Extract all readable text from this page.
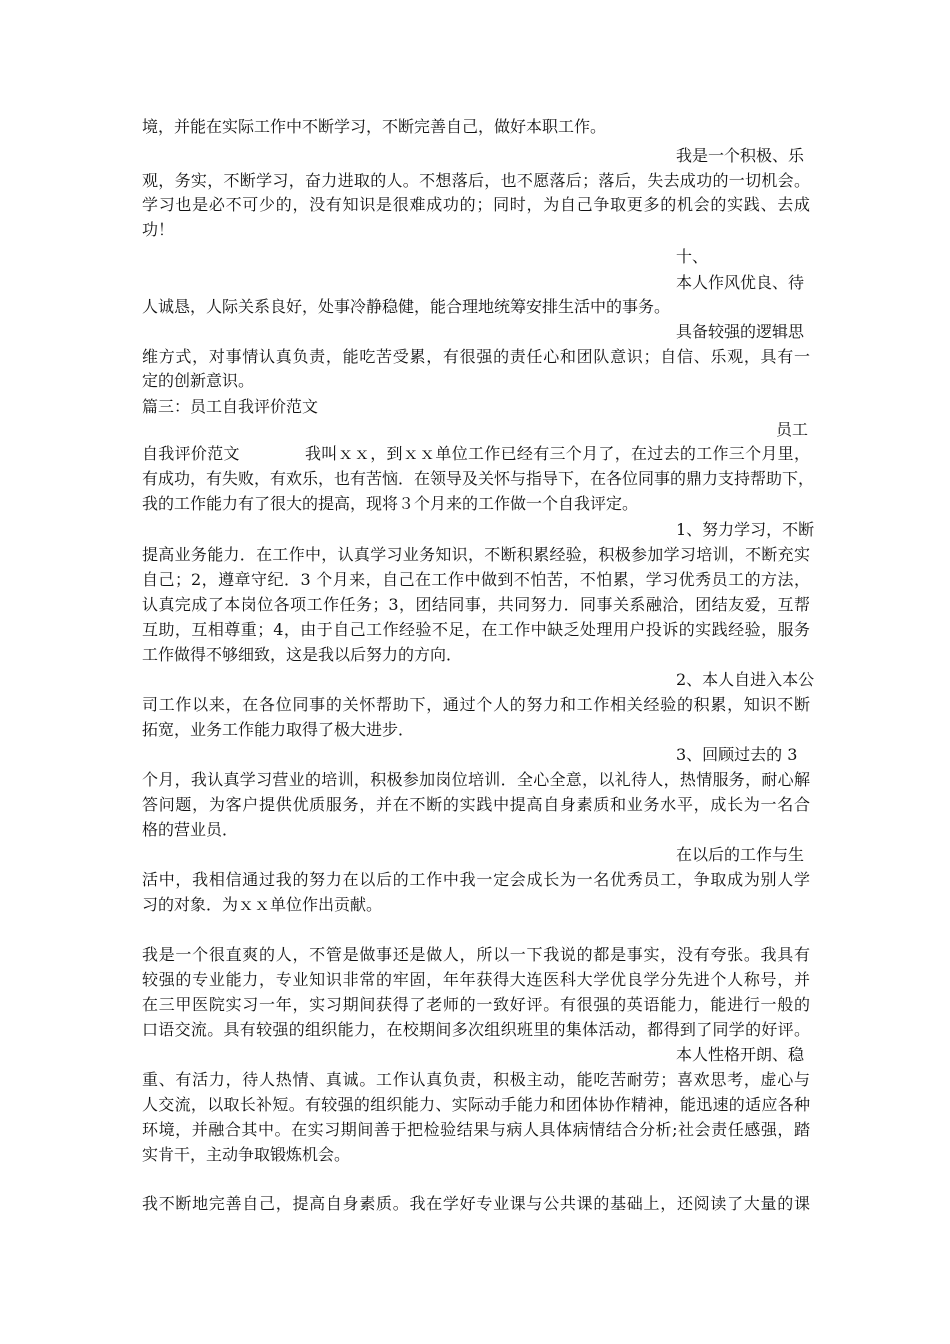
境，并能在实际工作中不断学习，不断完善自己，做好本职工作。
我是一个积极、乐
观，务实，不断学习，奋力进取的人。不想落后，也不愿落后；落后，失去成功的一切机会。
学习也是必不可少的，没有知识是很难成功的；同时，为自己争取更多的机会的实践、去成
功！
十、
本人作风优良、待
人诚恳，人际关系良好，处事冷静稳健，能合理地统筹安排生活中的事务。
具备较强的逻辑思
维方式，对事情认真负责，能吃苦受累，有很强的责任心和团队意识；自信、乐观，具有一
定的创新意识。
篇三：员工自我评价范文
员工
自我评价范文　　　　我叫ｘｘ，到ｘｘ单位工作已经有三个月了，在过去的工作三个月里，
有成功，有失败，有欢乐，也有苦恼．在领导及关怀与指导下，在各位同事的鼎力支持帮助下，
我的工作能力有了很大的提高，现将３个月来的工作做一个自我评定。
1、努力学习，不断
提高业务能力．在工作中，认真学习业务知识，不断积累经验，积极参加学习培训，不断充实
自己；2，遵章守纪．3 个月来，自己在工作中做到不怕苦，不怕累，学习优秀员工的方法，
认真完成了本岗位各项工作任务；3，团结同事，共同努力．同事关系融洽，团结友爱，互帮
互助，互相尊重；4，由于自己工作经验不足，在工作中缺乏处理用户投诉的实践经验，服务
工作做得不够细致，这是我以后努力的方向．
2、本人自进入本公
司工作以来，在各位同事的关怀帮助下，通过个人的努力和工作相关经验的积累，知识不断
拓宽，业务工作能力取得了极大进步．
3、回顾过去的 3
个月，我认真学习营业的培训，积极参加岗位培训．全心全意，以礼待人，热情服务，耐心解
答问题，为客户提供优质服务，并在不断的实践中提高自身素质和业务水平，成长为一名合
格的营业员．
在以后的工作与生
活中，我相信通过我的努力在以后的工作中我一定会成长为一名优秀员工，争取成为别人学
习的对象．为ｘｘ单位作出贡献。
我是一个很直爽的人，不管是做事还是做人，所以一下我说的都是事实，没有夸张。我具有
较强的专业能力，专业知识非常的牢固，年年获得大连医科大学优良学分先进个人称号，并
在三甲医院实习一年，实习期间获得了老师的一致好评。有很强的英语能力，能进行一般的
口语交流。具有较强的组织能力，在校期间多次组织班里的集体活动，都得到了同学的好评。
本人性格开朗、稳
重、有活力，待人热情、真诚。工作认真负责，积极主动，能吃苦耐劳；喜欢思考，虚心与
人交流，以取长补短。有较强的组织能力、实际动手能力和团体协作精神，能迅速的适应各种
环境，并融合其中。在实习期间善于把检验结果与病人具体病情结合分析;社会责任感强，踏
实肯干，主动争取锻炼机会。
我不断地完善自己，提高自身素质。我在学好专业课与公共课的基础上，还阅读了大量的课
